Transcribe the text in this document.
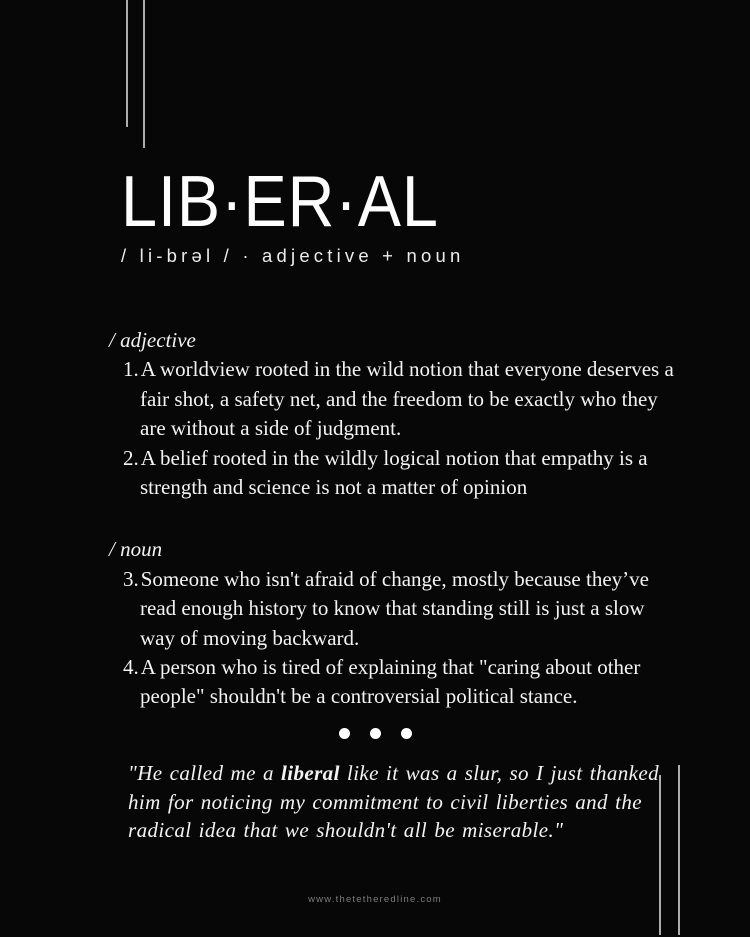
LIB·ER·AL
/ li-brəl / · adjective + noun
/ adjective
1.A worldview rooted in the wild notion that everyone deserves a fair shot, a safety net, and the freedom to be exactly who they are without a side of judgment.
2.A belief rooted in the wildly logical notion that empathy is a strength and science is not a matter of opinion
/ noun
3.Someone who isn't afraid of change, mostly because they’ve read enough history to know that standing still is just a slow way of moving backward.
4.A person who is tired of explaining that "caring about other people" shouldn't be a controversial political stance.
"He called me a liberal like it was a slur, so I just thanked him for noticing my commitment to civil liberties and the radical idea that we shouldn't all be miserable."
www.thetetheredline.com
